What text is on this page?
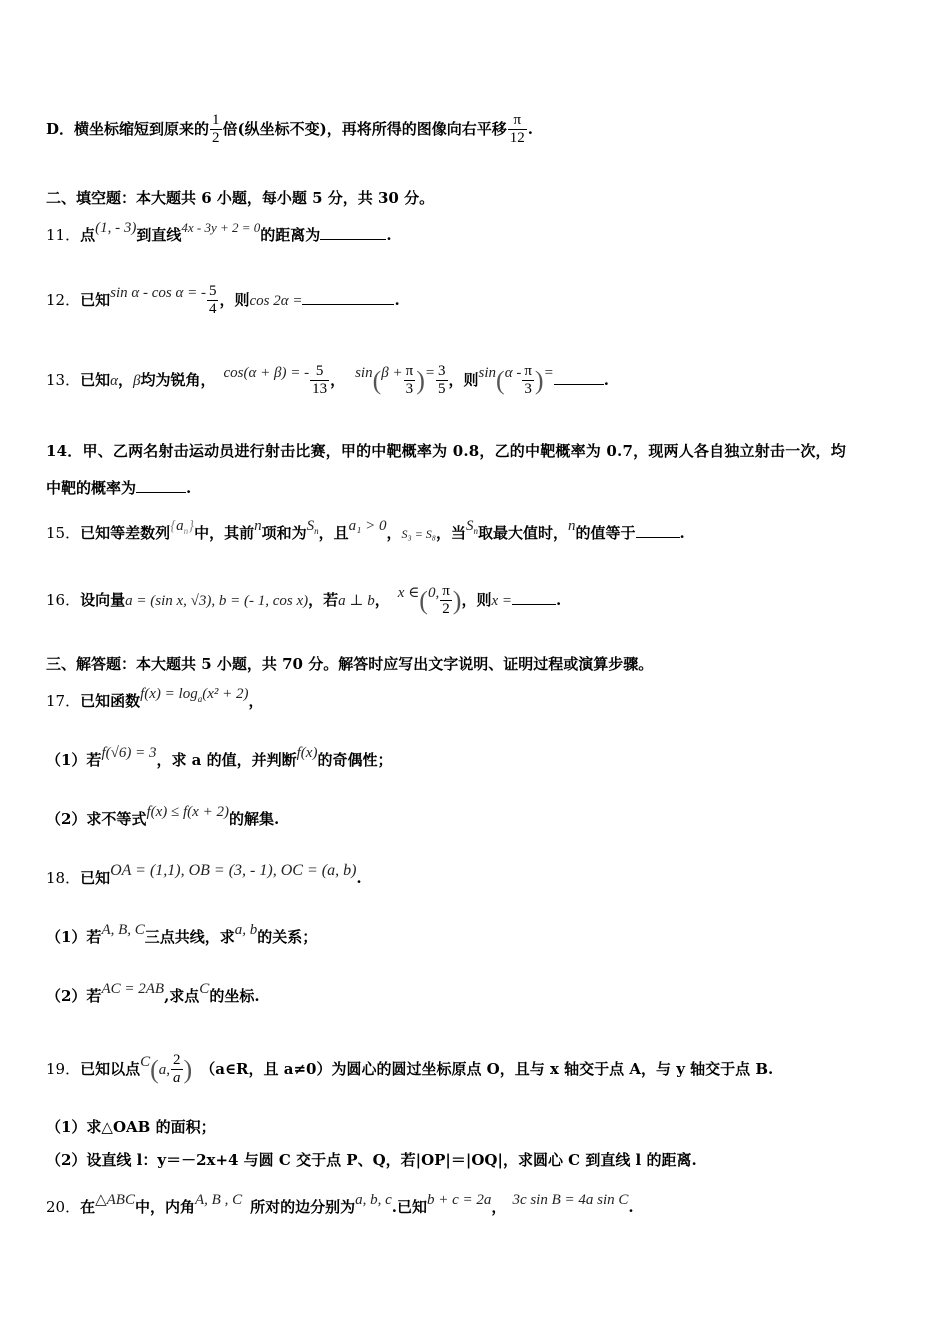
D．横坐标缩短到原来的 $\frac{1}{2}$ 倍(纵坐标不变)，再将所得的图像向右平移 $\frac{\pi}{12}$ .
二、填空题：本大题共 6 小题，每小题 5 分，共 30 分。
11．点(1, - 3)到直线4x - 3y + 2 = 0的距离为	.
12．已知sin α - cos α = - $\frac{5}{4}$ ，则cos 2α =	.
13．已知α，β均为锐角， cos(α + β) = - $\frac{5}{13}$ ， $\sin(\beta + \frac{\pi}{3}$ )= $\frac{3}{5}$ ，则$\sin(\alpha - \frac{\pi}{3}$ )=	.
14．甲、乙两名射击运动员进行射击比赛，甲的中靶概率为 0.8，乙的中靶概率为 0.7，现两人各自独立射击一次，均
中靶的概率为	.
15．已知等差数列$\{a_n\}$中，其前n项和为$S_n$，且a₁ > 0，S₃ = S₈，当$S_n$取最大值时，n的值等于	.
16．设向量a = (sin x, √3), b = (- 1, cos x)，若a ⊥ b， x ∈(0, $\frac{\pi}{2}$ )，则x =	.
三、解答题：本大题共 5 小题，共 70 分。解答时应写出文字说明、证明过程或演算步骤。
17．已知函数$f(x) = \log_a(x^2 + 2)$，
（1）若f(√6) = 3，求 a 的值，并判断f(x)的奇偶性；
（2）求不等式f(x) ≤ f(x + 2)的解集.
18．已知OA = (1,1), OB = (3, - 1), OC = (a, b).
（1）若A, B, C三点共线，求a, b的关系；
（2）若AC = 2AB,求点C的坐标.
19．已知以点C(a, $\frac{2}{a}$ ) （a∈R，且 a≠0）为圆心的圆过坐标原点 O，且与 x 轴交于点 A，与 y 轴交于点 B.
（1）求△OAB 的面积；
（2）设直线 l：y＝－2x+4 与圆 C 交于点 P、Q，若|OP|＝|OQ|，求圆心 C 到直线 l 的距离.
20．在△ABC中，内角A, B , C 所对的边分别为a, b, c.已知b + c = 2a， 3c sin B = 4a sin C.
